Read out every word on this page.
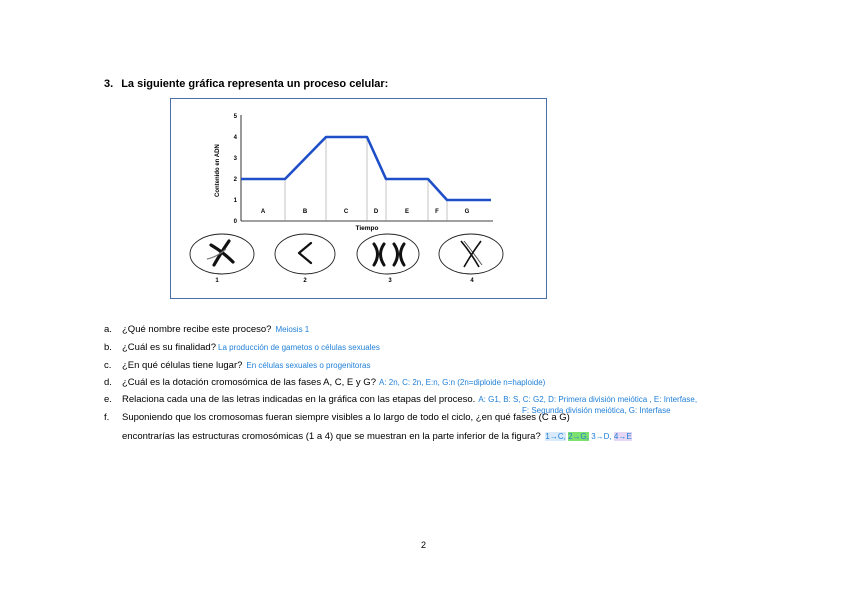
3. La siguiente gráfica representa un proceso celular:
0
1
2
3
4
5
Contenido en ADN
A	B	C	D	E	F	G
Tiempo
1	2	3	4
a. ¿Qué nombre recibe este proceso? Meiosis 1
b. ¿Cuál es su finalidad? La producción de gametos o células sexuales
c. ¿En qué células tiene lugar? En células sexuales o progenitoras
d. ¿Cuál es la dotación cromosómica de las fases A, C, E y G? A: 2n, C: 2n, E:n, G:n (2n=diploide n=haploide)
e. Relaciona cada una de las letras indicadas en la gráfica con las etapas del proceso. A: G1, B: S, C: G2, D: Primera división meiótica , E: Interfase,
F: Segunda división meiótica, G: Interfase
f. Suponiendo que los cromosomas fueran siempre visibles a lo largo de todo el ciclo, ¿en qué fases (C a G)
encontrarías las estructuras cromosómicas (1 a 4) que se muestran en la parte inferior de la figura? 1→C, 2→G, 3→D, 4→E
2
